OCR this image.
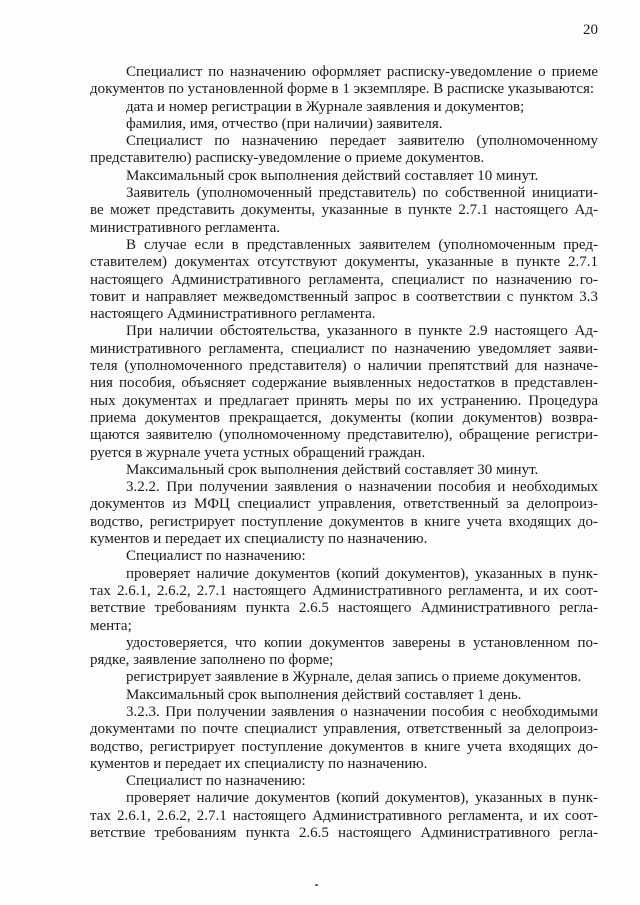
20
Специалист по назначению оформляет расписку-уведомление о приеме
документов по установленной форме в 1 экземпляре. В расписке указываются:
дата и номер регистрации в Журнале заявления и документов;
фамилия, имя, отчество (при наличии) заявителя.
Специалист по назначению передает заявителю (уполномоченному
представителю) расписку-уведомление о приеме документов.
Максимальный срок выполнения действий составляет 10 минут.
Заявитель (уполномоченный представитель) по собственной инициати-
ве может представить документы, указанные в пункте 2.7.1 настоящего Ад-
министративного регламента.
В случае если в представленных заявителем (уполномоченным пред-
ставителем) документах отсутствуют документы, указанные в пункте 2.7.1
настоящего Административного регламента, специалист по назначению го-
товит и направляет межведомственный запрос в соответствии с пунктом 3.3
настоящего Административного регламента.
При наличии обстоятельства, указанного в пункте 2.9 настоящего Ад-
министративного регламента, специалист по назначению уведомляет заяви-
теля (уполномоченного представителя) о наличии препятствий для назначе-
ния пособия, объясняет содержание выявленных недостатков в представлен-
ных документах и предлагает принять меры по их устранению. Процедура
приема документов прекращается, документы (копии документов) возвра-
щаются заявителю (уполномоченному представителю), обращение регистри-
руется в журнале учета устных обращений граждан.
Максимальный срок выполнения действий составляет 30 минут.
3.2.2. При получении заявления о назначении пособия и необходимых
документов из МФЦ специалист управления, ответственный за делопроиз-
водство, регистрирует поступление документов в книге учета входящих до-
кументов и передает их специалисту по назначению.
Специалист по назначению:
проверяет наличие документов (копий документов), указанных в пунк-
тах 2.6.1, 2.6.2, 2.7.1 настоящего Административного регламента, и их соот-
ветствие требованиям пункта 2.6.5 настоящего Административного регла-
мента;
удостоверяется, что копии документов заверены в установленном по-
рядке, заявление заполнено по форме;
регистрирует заявление в Журнале, делая запись о приеме документов.
Максимальный срок выполнения действий составляет 1 день.
3.2.3. При получении заявления о назначении пособия с необходимыми
документами по почте специалист управления, ответственный за делопроиз-
водство, регистрирует поступление документов в книге учета входящих до-
кументов и передает их специалисту по назначению.
Специалист по назначению:
проверяет наличие документов (копий документов), указанных в пунк-
тах 2.6.1, 2.6.2, 2.7.1 настоящего Административного регламента, и их соот-
ветствие требованиям пункта 2.6.5 настоящего Административного регла-
